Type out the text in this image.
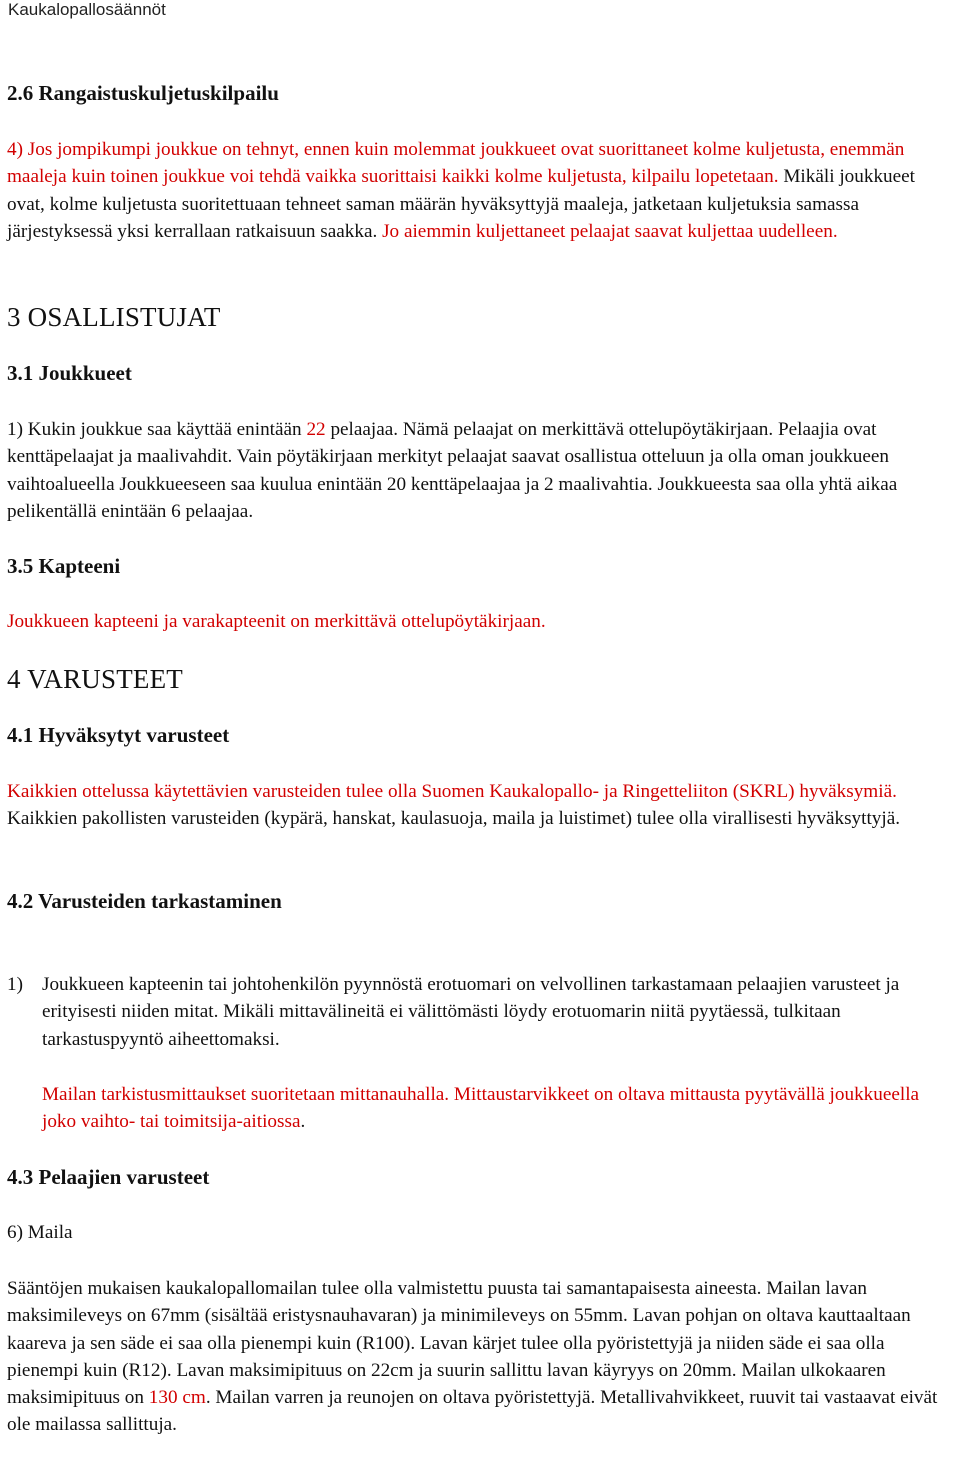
Kaukalopallosäännöt
2.6 Rangaistuskuljetuskilpailu
4) Jos jompikumpi joukkue on tehnyt, ennen kuin molemmat joukkueet ovat suorittaneet kolme kuljetusta, enemmän maaleja kuin toinen joukkue voi tehdä vaikka suorittaisi kaikki kolme kuljetusta, kilpailu lopetetaan. Mikäli joukkueet ovat, kolme kuljetusta suoritettuaan tehneet saman määrän hyväksyttyjä maaleja, jatketaan kuljetuksia samassa järjestyksessä yksi kerrallaan ratkaisuun saakka. Jo aiemmin kuljettaneet pelaajat saavat kuljettaa uudelleen.
3 OSALLISTUJAT
3.1 Joukkueet
1) Kukin joukkue saa käyttää enintään 22 pelaajaa. Nämä pelaajat on merkittävä ottelupöytäkirjaan. Pelaajia ovat kenttäpelaajat ja maalivahdit. Vain pöytäkirjaan merkityt pelaajat saavat osallistua otteluun ja olla oman joukkueen vaihtoalueella Joukkueeseen saa kuulua enintään 20 kenttäpelaajaa ja 2 maalivahtia. Joukkueesta saa olla yhtä aikaa pelikentällä enintään 6 pelaajaa.
3.5 Kapteeni
Joukkueen kapteeni ja varakapteenit on merkittävä ottelupöytäkirjaan.
4 VARUSTEET
4.1 Hyväksytyt varusteet
Kaikkien ottelussa käytettävien varusteiden tulee olla Suomen Kaukalopallo- ja Ringetteliiton (SKRL) hyväksymiä. Kaikkien pakollisten varusteiden (kypärä, hanskat, kaulasuoja, maila ja luistimet) tulee olla virallisesti hyväksyttyjä.
4.2 Varusteiden tarkastaminen
1) Joukkueen kapteenin tai johtohenkilön pyynnöstä erotuomari on velvollinen tarkastamaan pelaajien varusteet ja erityisesti niiden mitat. Mikäli mittavälineitä ei välittömästi löydy erotuomarin niitä pyytäessä, tulkitaan tarkastuspyyntö aiheettomaksi.
Mailan tarkistusmittaukset suoritetaan mittanauhalla. Mittaustarvikkeet on oltava mittausta pyytävällä joukkueella joko vaihto- tai toimitsija-aitiossa.
4.3 Pelaajien varusteet
6) Maila
Sääntöjen mukaisen kaukalopallomailan tulee olla valmistettu puusta tai samantapaisesta aineesta. Mailan lavan maksimileveys on 67mm (sisältää eristysnauhavaran) ja minimileveys on 55mm. Lavan pohjan on oltava kauttaaltaan kaareva ja sen säde ei saa olla pienempi kuin (R100). Lavan kärjet tulee olla pyöristettyjä ja niiden säde ei saa olla pienempi kuin (R12). Lavan maksimipituus on 22cm ja suurin sallittu lavan käyryys on 20mm. Mailan ulkokaaren maksimipituus on 130 cm. Mailan varren ja reunojen on oltava pyöristettyjä. Metallivahvikkeet, ruuvit tai vastaavat eivät ole mailassa sallittuja.
